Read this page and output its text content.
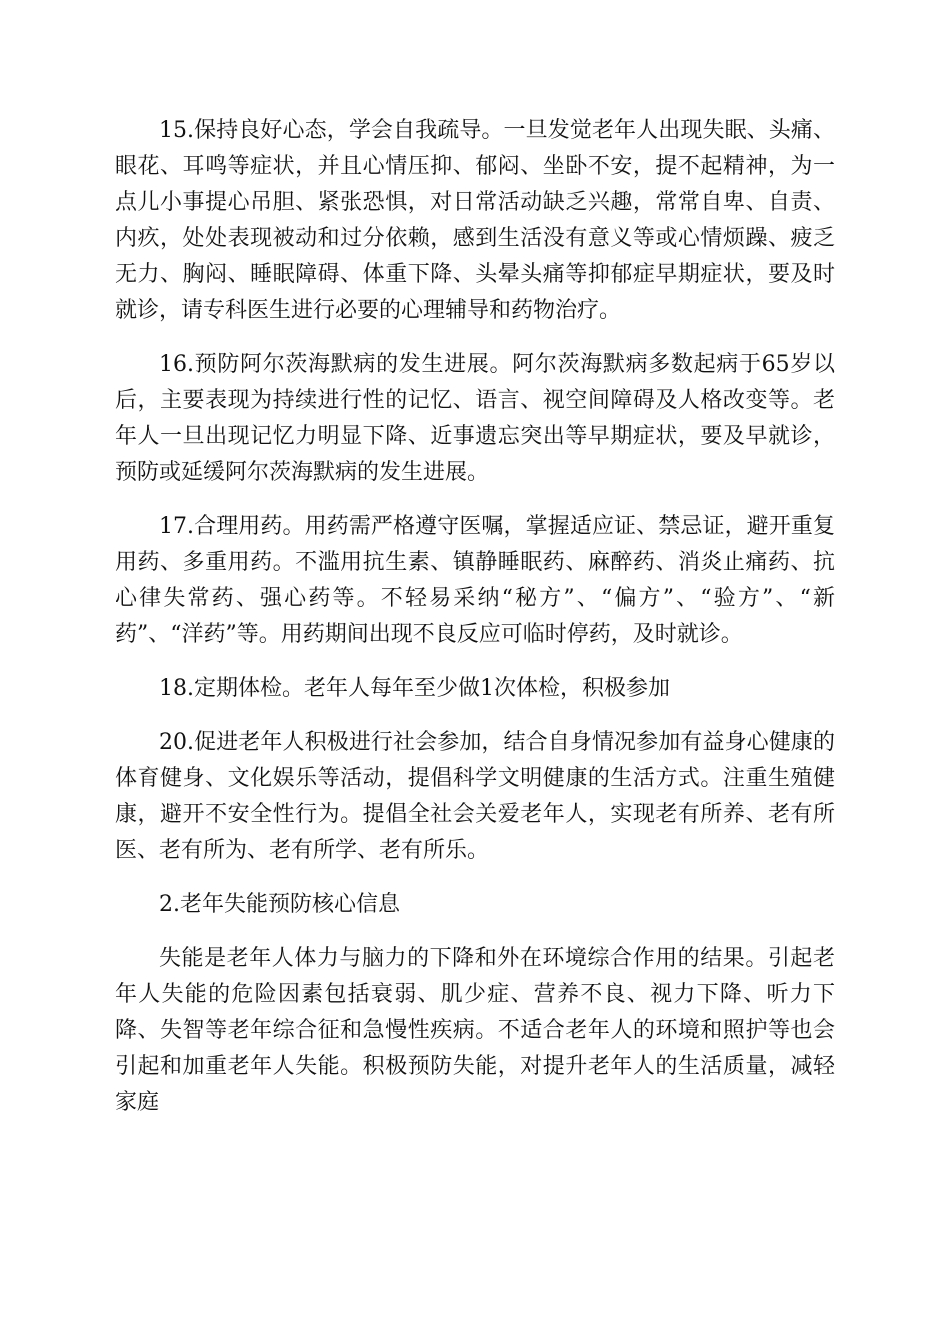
15.保持良好心态，学会自我疏导。一旦发觉老年人出现失眠、头痛、眼花、耳鸣等症状，并且心情压抑、郁闷、坐卧不安，提不起精神，为一点儿小事提心吊胆、紧张恐惧，对日常活动缺乏兴趣，常常自卑、自责、内疚，处处表现被动和过分依赖，感到生活没有意义等或心情烦躁、疲乏无力、胸闷、睡眠障碍、体重下降、头晕头痛等抑郁症早期症状，要及时就诊，请专科医生进行必要的心理辅导和药物治疗。

16.预防阿尔茨海默病的发生进展。阿尔茨海默病多数起病于65岁以后，主要表现为持续进行性的记忆、语言、视空间障碍及人格改变等。老年人一旦出现记忆力明显下降、近事遗忘突出等早期症状，要及早就诊，预防或延缓阿尔茨海默病的发生进展。

17.合理用药。用药需严格遵守医嘱，掌握适应证、禁忌证，避开重复用药、多重用药。不滥用抗生素、镇静睡眠药、麻醉药、消炎止痛药、抗心律失常药、强心药等。不轻易采纳“秘方”、“偏方”、“验方”、“新药”、“洋药”等。用药期间出现不良反应可临时停药，及时就诊。

18.定期体检。老年人每年至少做1次体检，积极参加

20.促进老年人积极进行社会参加，结合自身情况参加有益身心健康的体育健身、文化娱乐等活动，提倡科学文明健康的生活方式。注重生殖健康，避开不安全性行为。提倡全社会关爱老年人，实现老有所养、老有所医、老有所为、老有所学、老有所乐。

2.老年失能预防核心信息

失能是老年人体力与脑力的下降和外在环境综合作用的结果。引起老年人失能的危险因素包括衰弱、肌少症、营养不良、视力下降、听力下降、失智等老年综合征和急慢性疾病。不适合老年人的环境和照护等也会引起和加重老年人失能。积极预防失能，对提升老年人的生活质量，减轻家庭
